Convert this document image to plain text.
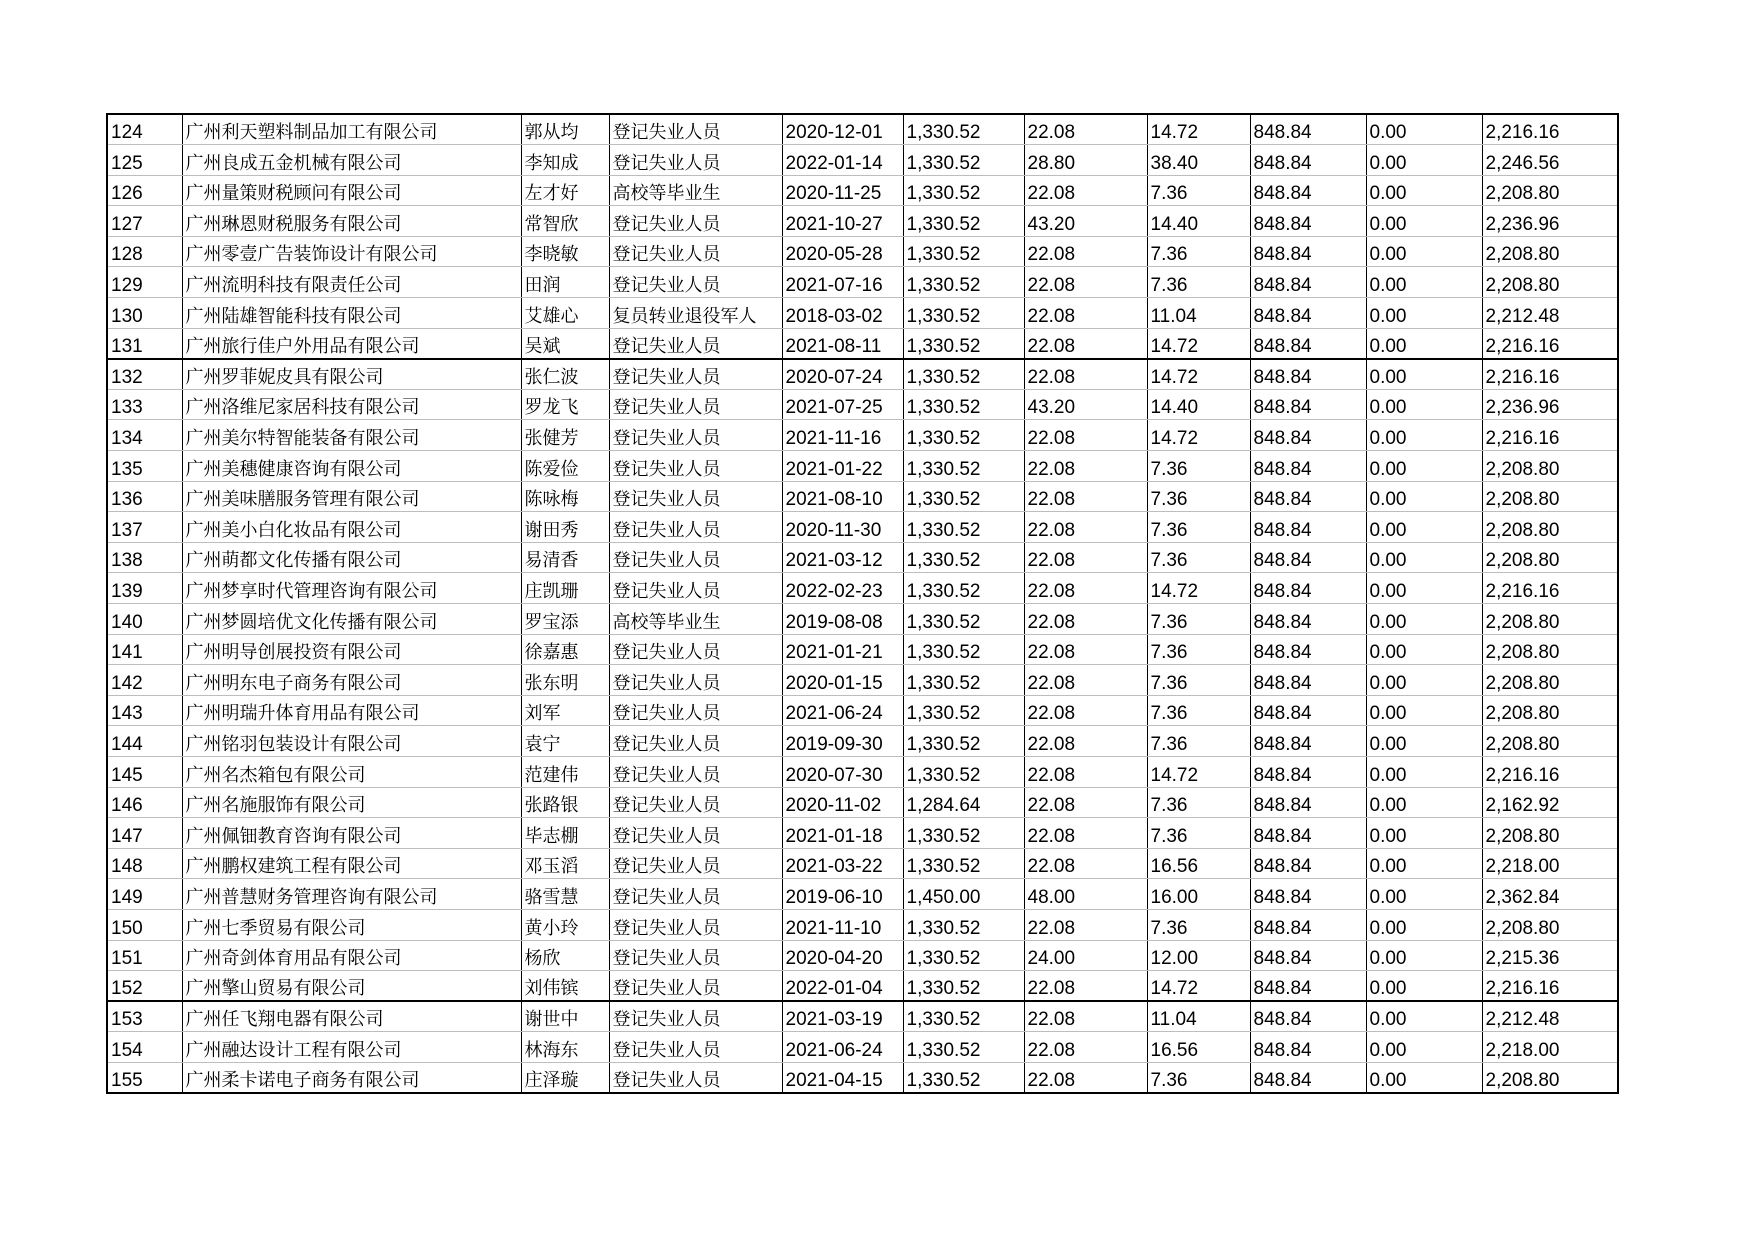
124	广州利天塑料制品加工有限公司	郭从均	登记失业人员	2020-12-01	1,330.52	22.08	14.72	848.84	0.00	2,216.16
125	广州良成五金机械有限公司	李知成	登记失业人员	2022-01-14	1,330.52	28.80	38.40	848.84	0.00	2,246.56
126	广州量策财税顾问有限公司	左才好	高校等毕业生	2020-11-25	1,330.52	22.08	7.36	848.84	0.00	2,208.80
127	广州琳恩财税服务有限公司	常智欣	登记失业人员	2021-10-27	1,330.52	43.20	14.40	848.84	0.00	2,236.96
128	广州零壹广告装饰设计有限公司	李晓敏	登记失业人员	2020-05-28	1,330.52	22.08	7.36	848.84	0.00	2,208.80
129	广州流明科技有限责任公司	田润	登记失业人员	2021-07-16	1,330.52	22.08	7.36	848.84	0.00	2,208.80
130	广州陆雄智能科技有限公司	艾雄心	复员转业退役军人	2018-03-02	1,330.52	22.08	11.04	848.84	0.00	2,212.48
131	广州旅行佳户外用品有限公司	吴斌	登记失业人员	2021-08-11	1,330.52	22.08	14.72	848.84	0.00	2,216.16
132	广州罗菲妮皮具有限公司	张仁波	登记失业人员	2020-07-24	1,330.52	22.08	14.72	848.84	0.00	2,216.16
133	广州洛维尼家居科技有限公司	罗龙飞	登记失业人员	2021-07-25	1,330.52	43.20	14.40	848.84	0.00	2,236.96
134	广州美尔特智能装备有限公司	张健芳	登记失业人员	2021-11-16	1,330.52	22.08	14.72	848.84	0.00	2,216.16
135	广州美穗健康咨询有限公司	陈爱俭	登记失业人员	2021-01-22	1,330.52	22.08	7.36	848.84	0.00	2,208.80
136	广州美味膳服务管理有限公司	陈咏梅	登记失业人员	2021-08-10	1,330.52	22.08	7.36	848.84	0.00	2,208.80
137	广州美小白化妆品有限公司	谢田秀	登记失业人员	2020-11-30	1,330.52	22.08	7.36	848.84	0.00	2,208.80
138	广州萌都文化传播有限公司	易清香	登记失业人员	2021-03-12	1,330.52	22.08	7.36	848.84	0.00	2,208.80
139	广州梦享时代管理咨询有限公司	庄凯珊	登记失业人员	2022-02-23	1,330.52	22.08	14.72	848.84	0.00	2,216.16
140	广州梦圆培优文化传播有限公司	罗宝添	高校等毕业生	2019-08-08	1,330.52	22.08	7.36	848.84	0.00	2,208.80
141	广州明导创展投资有限公司	徐嘉惠	登记失业人员	2021-01-21	1,330.52	22.08	7.36	848.84	0.00	2,208.80
142	广州明东电子商务有限公司	张东明	登记失业人员	2020-01-15	1,330.52	22.08	7.36	848.84	0.00	2,208.80
143	广州明瑞升体育用品有限公司	刘军	登记失业人员	2021-06-24	1,330.52	22.08	7.36	848.84	0.00	2,208.80
144	广州铭羽包装设计有限公司	袁宁	登记失业人员	2019-09-30	1,330.52	22.08	7.36	848.84	0.00	2,208.80
145	广州名杰箱包有限公司	范建伟	登记失业人员	2020-07-30	1,330.52	22.08	14.72	848.84	0.00	2,216.16
146	广州名施服饰有限公司	张路银	登记失业人员	2020-11-02	1,284.64	22.08	7.36	848.84	0.00	2,162.92
147	广州佩钿教育咨询有限公司	毕志棚	登记失业人员	2021-01-18	1,330.52	22.08	7.36	848.84	0.00	2,208.80
148	广州鹏权建筑工程有限公司	邓玉滔	登记失业人员	2021-03-22	1,330.52	22.08	16.56	848.84	0.00	2,218.00
149	广州普慧财务管理咨询有限公司	骆雪慧	登记失业人员	2019-06-10	1,450.00	48.00	16.00	848.84	0.00	2,362.84
150	广州七季贸易有限公司	黄小玲	登记失业人员	2021-11-10	1,330.52	22.08	7.36	848.84	0.00	2,208.80
151	广州奇剑体育用品有限公司	杨欣	登记失业人员	2020-04-20	1,330.52	24.00	12.00	848.84	0.00	2,215.36
152	广州擎山贸易有限公司	刘伟镔	登记失业人员	2022-01-04	1,330.52	22.08	14.72	848.84	0.00	2,216.16
153	广州任飞翔电器有限公司	谢世中	登记失业人员	2021-03-19	1,330.52	22.08	11.04	848.84	0.00	2,212.48
154	广州融达设计工程有限公司	林海东	登记失业人员	2021-06-24	1,330.52	22.08	16.56	848.84	0.00	2,218.00
155	广州柔卡诺电子商务有限公司	庄泽璇	登记失业人员	2021-04-15	1,330.52	22.08	7.36	848.84	0.00	2,208.80
